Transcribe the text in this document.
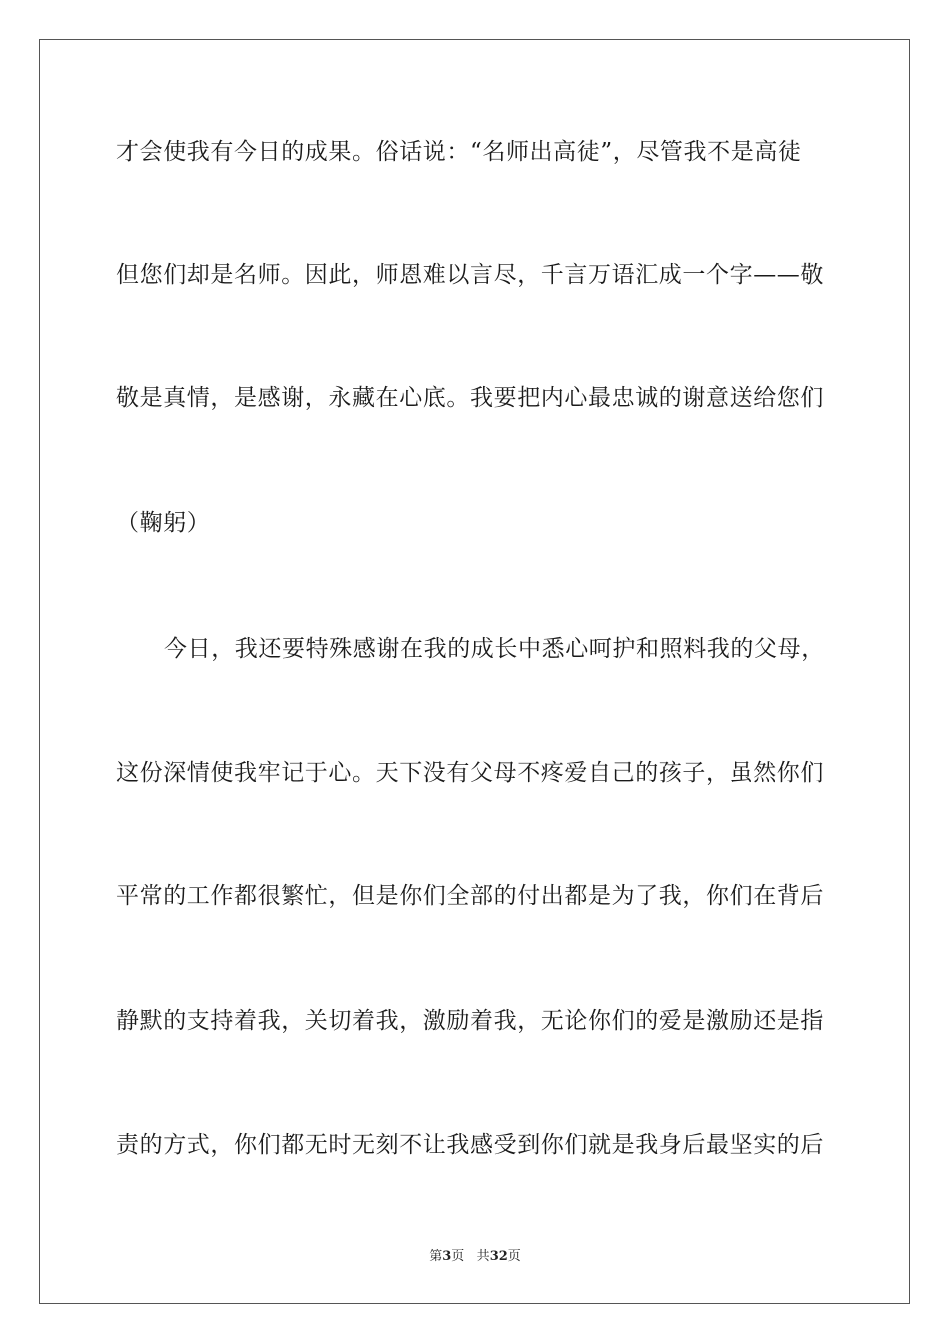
才会使我有今日的成果。俗话说：“名师出高徒”，尽管我不是高徒
但您们却是名师。因此，师恩难以言尽，千言万语汇成一个字——敬
敬是真情，是感谢，永藏在心底。我要把内心最忠诚的谢意送给您们
（鞠躬）
今日，我还要特殊感谢在我的成长中悉心呵护和照料我的父母，
这份深情使我牢记于心。天下没有父母不疼爱自己的孩子，虽然你们
平常的工作都很繁忙，但是你们全部的付出都是为了我，你们在背后
静默的支持着我，关切着我，激励着我，无论你们的爱是激励还是指
责的方式，你们都无时无刻不让我感受到你们就是我身后最坚实的后
第3页 共32页
